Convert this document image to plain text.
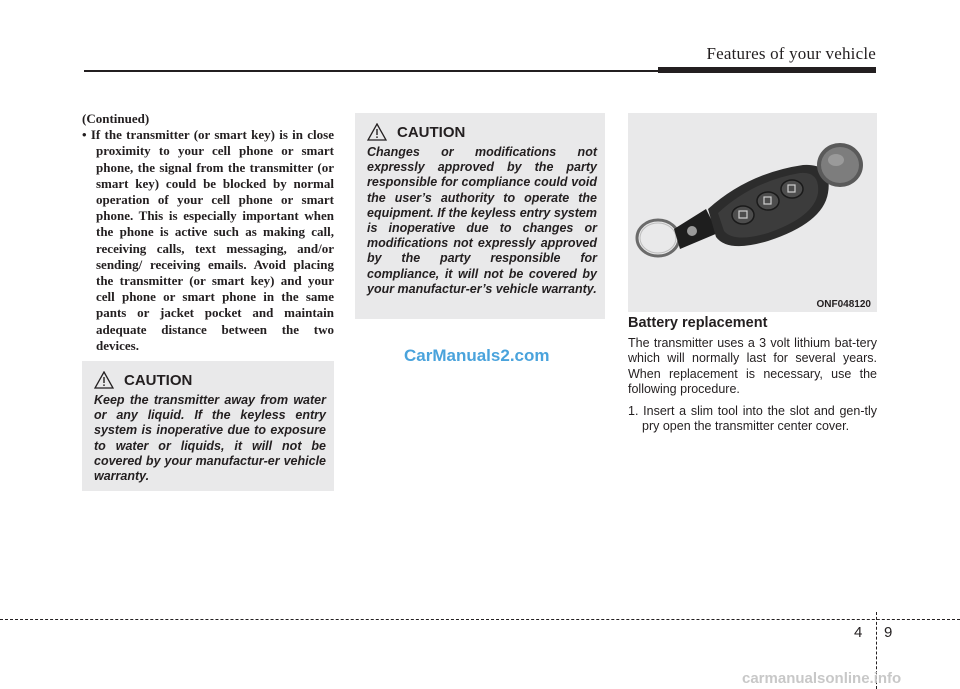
Features of your vehicle
(Continued)
• If the transmitter (or smart key) is in close proximity to your cell phone or smart phone, the signal from the transmitter (or smart key) could be blocked by normal operation of your cell phone or smart phone. This is especially important when the phone is active such as making call, receiving calls, text messaging, and/or sending/ receiving emails. Avoid placing the transmitter (or smart key) and your cell phone or smart phone in the same pants or jacket pocket and maintain adequate distance between the two devices.
CAUTION
Keep the transmitter away from water or any liquid. If the keyless entry system is inoperative due to exposure to water or liquids, it will not be covered by your manufactur-er vehicle warranty.
CAUTION
Changes or modifications not expressly approved by the party responsible for compliance could void the user’s authority to operate the equipment. If the keyless entry system is inoperative due to changes or modifications not expressly approved by the party responsible for compliance, it will not be covered by your manufactur-er’s vehicle warranty.
CarManuals2.com
ONF048120
Battery replacement

The transmitter uses a 3 volt lithium bat-tery which will normally last for several years. When replacement is necessary, use the following procedure.

1. Insert a slim tool into the slot and gen-tly pry open the transmitter center cover.

4 9
carmanualsonline.info
